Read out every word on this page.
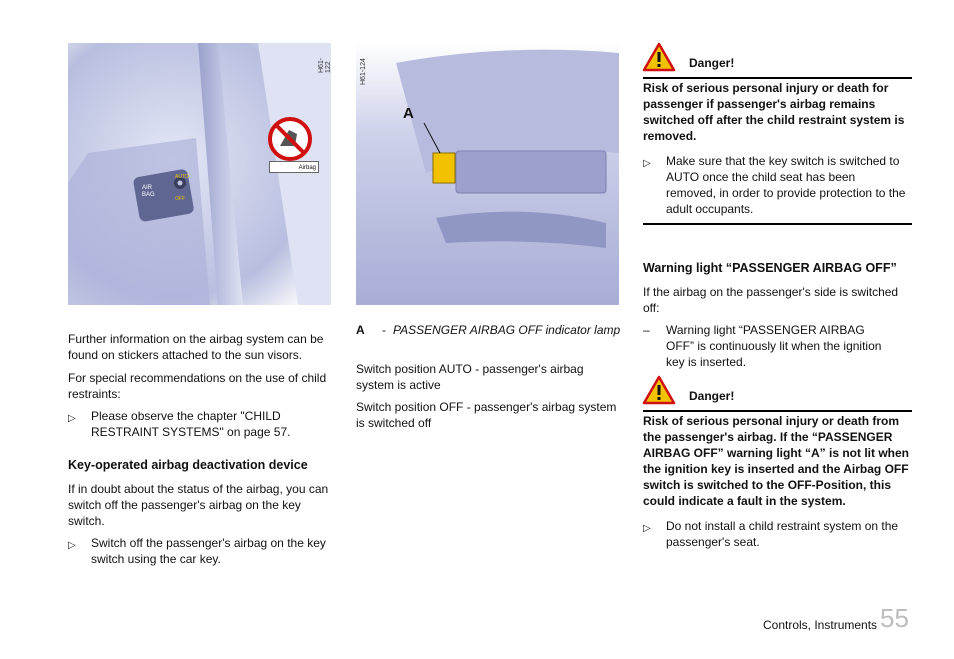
H61-122
Airbag
AIR BAG
AUTO
OFF
H61-124
A

Further information on the airbag system can be found on stickers attached to the sun visors.

For special recommendations on the use of child restraints:

▷ Please observe the chapter "CHILD RESTRAINT SYSTEMS" on page 57.

Key-operated airbag deactivation device

If in doubt about the status of the airbag, you can switch off the passenger's airbag on the key switch.

▷ Switch off the passenger's airbag on the key switch using the car key.

A - PASSENGER AIRBAG OFF indicator lamp

Switch position AUTO - passenger's airbag system is active

Switch position OFF - passenger's airbag system is switched off

Danger!

Risk of serious personal injury or death for passenger if passenger's airbag remains switched off after the child restraint system is removed.

▷ Make sure that the key switch is switched to AUTO once the child seat has been removed, in order to provide protection to the adult occupants.

Warning light “PASSENGER AIRBAG OFF”

If the airbag on the passenger's side is switched off:

– Warning light “PASSENGER AIRBAG OFF” is continuously lit when the ignition key is inserted.

Danger!

Risk of serious personal injury or death from the passenger's airbag. If the “PASSENGER AIRBAG OFF” warning light “A” is not lit when the ignition key is inserted and the Airbag OFF switch is switched to the OFF-Position, this could indicate a fault in the system.

▷ Do not install a child restraint system on the passenger's seat.

Controls, Instruments 55
